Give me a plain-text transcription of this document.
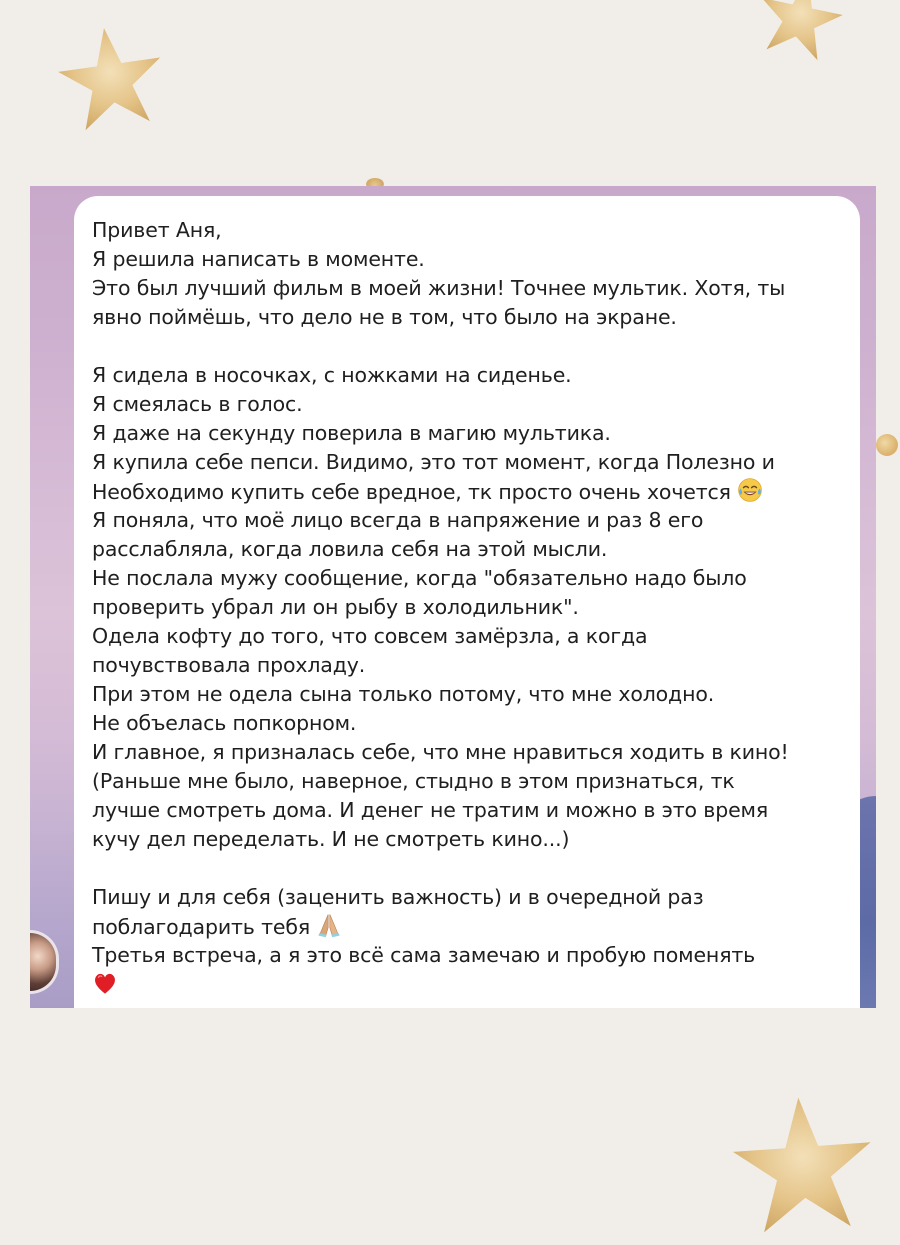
Привет Аня,
Я решила написать в моменте.
Это был лучший фильм в моей жизни! Точнее мультик. Хотя, ты
явно поймёшь, что дело не в том, что было на экране.
Я сидела в носочках, с ножками на сиденье.
Я смеялась в голос.
Я даже на секунду поверила в магию мультика.
Я купила себе пепси. Видимо, это тот момент, когда Полезно и
Необходимо купить себе вредное, тк просто очень хочется
Я поняла, что моё лицо всегда в напряжение и раз 8 его
расслабляла, когда ловила себя на этой мысли.
Не послала мужу сообщение, когда "обязательно надо было
проверить убрал ли он рыбу в холодильник".
Одела кофту до того, что совсем замёрзла, а когда
почувствовала прохладу.
При этом не одела сына только потому, что мне холодно.
Не объелась попкорном.
И главное, я призналась себе, что мне нравиться ходить в кино!
(Раньше мне было, наверное, стыдно в этом признаться, тк
лучше смотреть дома. И денег не тратим и можно в это время
кучу дел переделать. И не смотреть кино...)
Пишу и для себя (заценить важность) и в очередной раз
поблагодарить тебя
Третья встреча, а я это всё сама замечаю и пробую поменять
